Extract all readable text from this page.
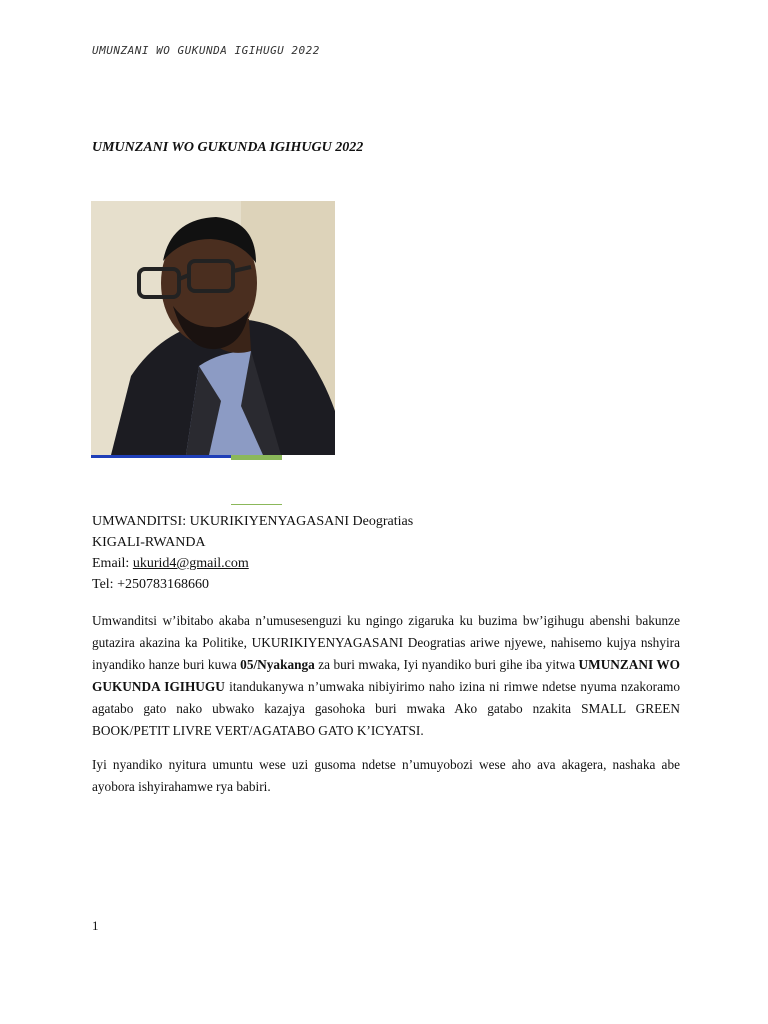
UMUNZANI WO GUKUNDA IGIHUGU 2022
UMUNZANI WO GUKUNDA IGIHUGU 2022
UMWANDITSI: UKURIKIYENYAGASANI Deogratias
KIGALI-RWANDA
Email: ukurid4@gmail.com
Tel: +250783168660

Umwanditsi w’ibitabo akaba n’umusesenguzi ku ngingo zigaruka ku buzima bw’igihugu abenshi bakunze gutazira akazina ka Politike, UKURIKIYENYAGASANI Deogratias ariwe njyewe, nahisemo kujya nshyira inyandiko hanze buri kuwa 05/Nyakanga za buri mwaka, Iyi nyandiko buri gihe iba yitwa UMUNZANI WO GUKUNDA IGIHUGU itandukanywa n’umwaka nibiyirimo naho izina ni rimwe ndetse nyuma nzakoramo agatabo gato nako ubwako kazajya gasohoka buri mwaka Ako gatabo nzakita SMALL GREEN BOOK/PETIT LIVRE VERT/AGATABO GATO K’ICYATSI.

Iyi nyandiko nyitura umuntu wese uzi gusoma ndetse n’umuyobozi wese aho ava akagera, nashaka abe ayobora ishyirahamwe rya babiri.

1
